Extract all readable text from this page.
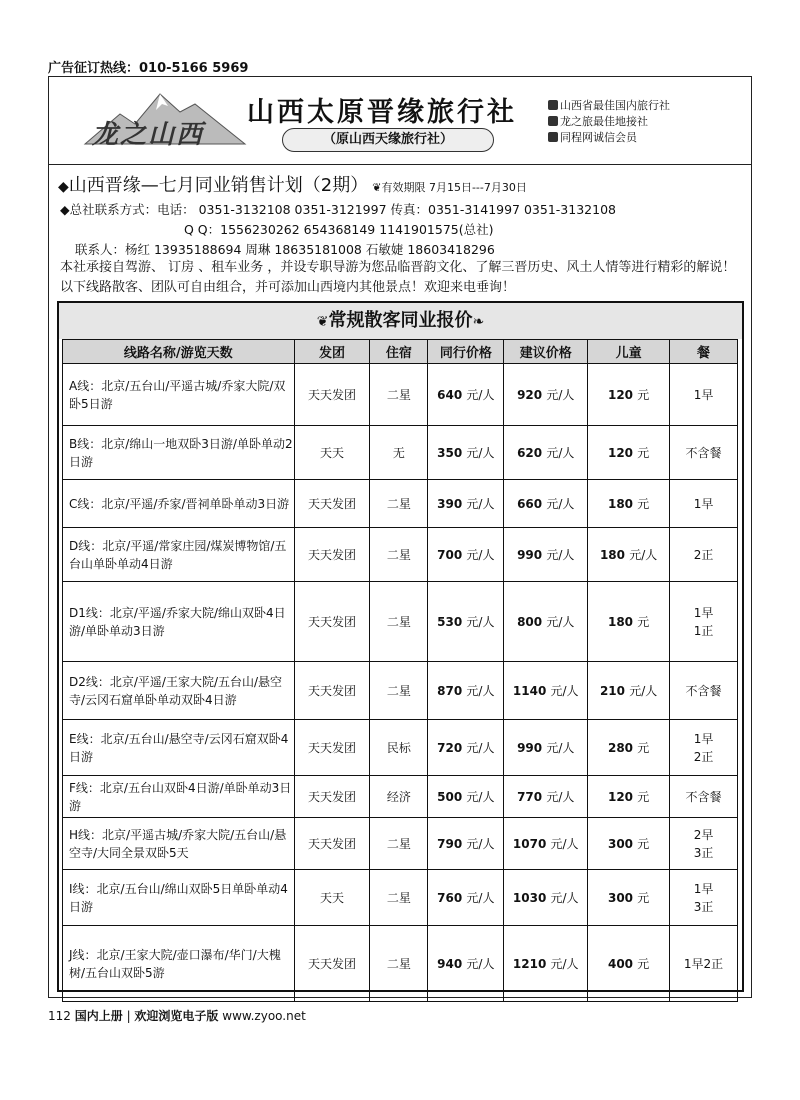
广告征订热线：010-5166 5969
龙之山西
山西太原晋缘旅行社
（原山西天缘旅行社）
山西省最佳国内旅行社
龙之旅最佳地接社
同程网诚信会员
◆山西晋缘—七月同业销售计划（2期） ❦有效期限 7月15日---7月30日
◆总社联系方式：电话： 0351-3132108 0351-3121997 传真：0351-3141997 0351-3132108
Q Q：1556230262 654368149 1141901575(总社)
联系人：杨红 13935188694 周琳 18635181008 石敏婕 18603418296
本社承接自驾游、 订房 、租车业务 ，并设专职导游为您品临晋韵文化、了解三晋历史、风土人情等进行精彩的解说！以下线路散客、团队可自由组合，并可添加山西境内其他景点！欢迎来电垂询！
❦常规散客同业报价❧
线路名称/游览天数	发团	住宿	同行价格	建议价格	儿童	餐
A线：北京/五台山/平遥古城/乔家大院/双卧5日游	天天发团	二星	640 元/人	920 元/人	120 元	1早
B线：北京/绵山一地双卧3日游/单卧单动2日游	天天	无	350 元/人	620 元/人	120 元	不含餐
C线：北京/平遥/乔家/晋祠单卧单动3日游	天天发团	二星	390 元/人	660 元/人	180 元	1早
D线：北京/平遥/常家庄园/煤炭博物馆/五台山单卧单动4日游	天天发团	二星	700 元/人	990 元/人	180 元/人	2正
D1线：北京/平遥/乔家大院/绵山双卧4日游/单卧单动3日游	天天发团	二星	530 元/人	800 元/人	180 元	1早
1正
D2线：北京/平遥/王家大院/五台山/悬空寺/云冈石窟单卧单动双卧4日游	天天发团	二星	870 元/人	1140 元/人	210 元/人	不含餐
E线：北京/五台山/悬空寺/云冈石窟双卧4日游	天天发团	民标	720 元/人	990 元/人	280 元	1早
2正
F线：北京/五台山双卧4日游/单卧单动3日游	天天发团	经济	500 元/人	770 元/人	120 元	不含餐
H线：北京/平遥古城/乔家大院/五台山/悬空寺/大同全景双卧5天	天天发团	二星	790 元/人	1070 元/人	300 元	2早
3正
I线：北京/五台山/绵山双卧5日单卧单动4日游	天天	二星	760 元/人	1030 元/人	300 元	1早
3正
J线：北京/王家大院/壶口瀑布/华门/大槐树/五台山双卧5游	天天发团	二星	940 元/人	1210 元/人	400 元	1早2正
112 国内上册 | 欢迎浏览电子版 www.zyoo.net
